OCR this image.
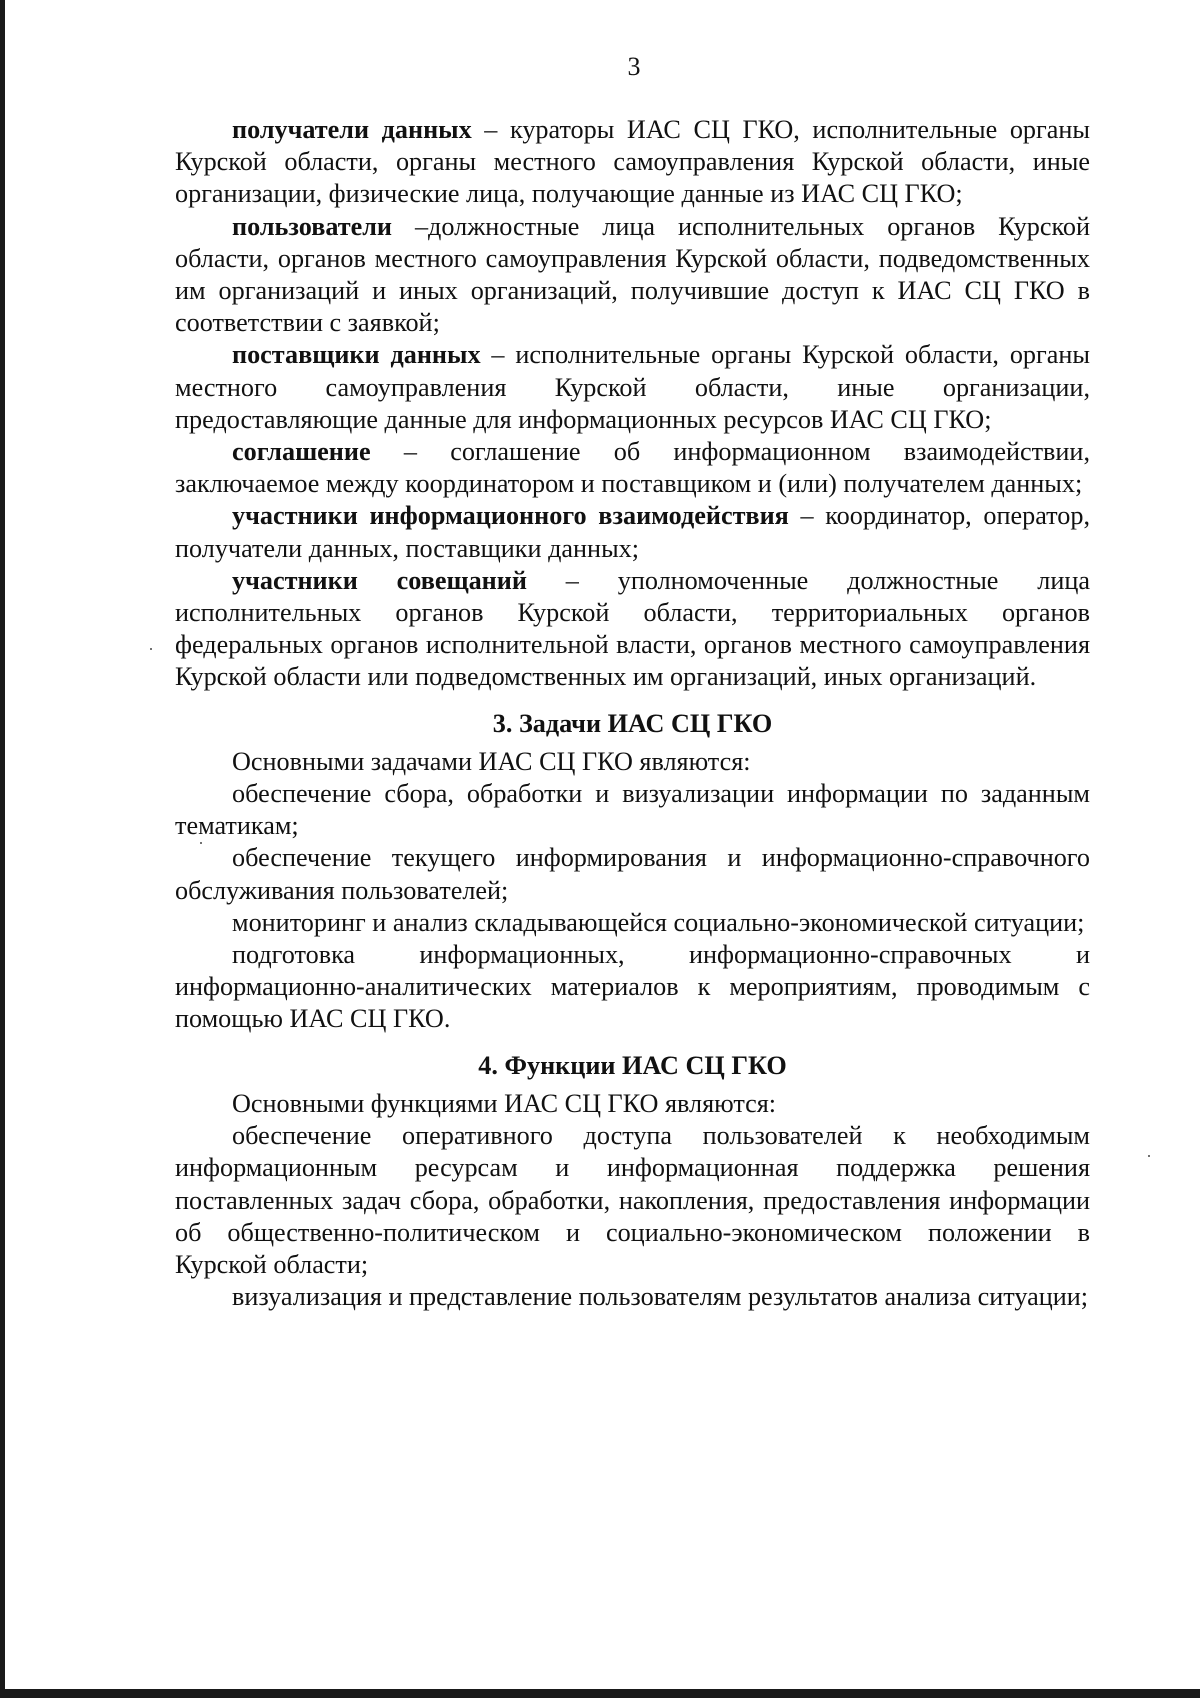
3

получатели данных – кураторы ИАС СЦ ГКО, исполнительные органы Курской области, органы местного самоуправления Курской области, иные организации, физические лица, получающие данные из ИАС СЦ ГКО;

пользователи –должностные лица исполнительных органов Курской области, органов местного самоуправления Курской области, подведомственных им организаций и иных организаций, получившие доступ к ИАС СЦ ГКО в соответствии с заявкой;

поставщики данных – исполнительные органы Курской области, органы местного самоуправления Курской области, иные организации, предоставляющие данные для информационных ресурсов ИАС СЦ ГКО;

соглашение – соглашение об информационном взаимодействии, заключаемое между координатором и поставщиком и (или) получателем данных;

участники информационного взаимодействия – координатор, оператор, получатели данных, поставщики данных;

участники совещаний – уполномоченные должностные лица исполнительных органов Курской области, территориальных органов федеральных органов исполнительной власти, органов местного самоуправления Курской области или подведомственных им организаций, иных организаций.

3. Задачи ИАС СЦ ГКО

Основными задачами ИАС СЦ ГКО являются:

обеспечение сбора, обработки и визуализации информации по заданным тематикам;

обеспечение текущего информирования и информационно-справочного обслуживания пользователей;

мониторинг и анализ складывающейся социально-экономической ситуации;

подготовка информационных, информационно-справочных и информационно-аналитических материалов к мероприятиям, проводимым с помощью ИАС СЦ ГКО.

4. Функции ИАС СЦ ГКО

Основными функциями ИАС СЦ ГКО являются:

обеспечение оперативного доступа пользователей к необходимым информационным ресурсам и информационная поддержка решения поставленных задач сбора, обработки, накопления, предоставления информации об общественно-политическом и социально-экономическом положении в Курской области;

визуализация и представление пользователям результатов анализа ситуации;
